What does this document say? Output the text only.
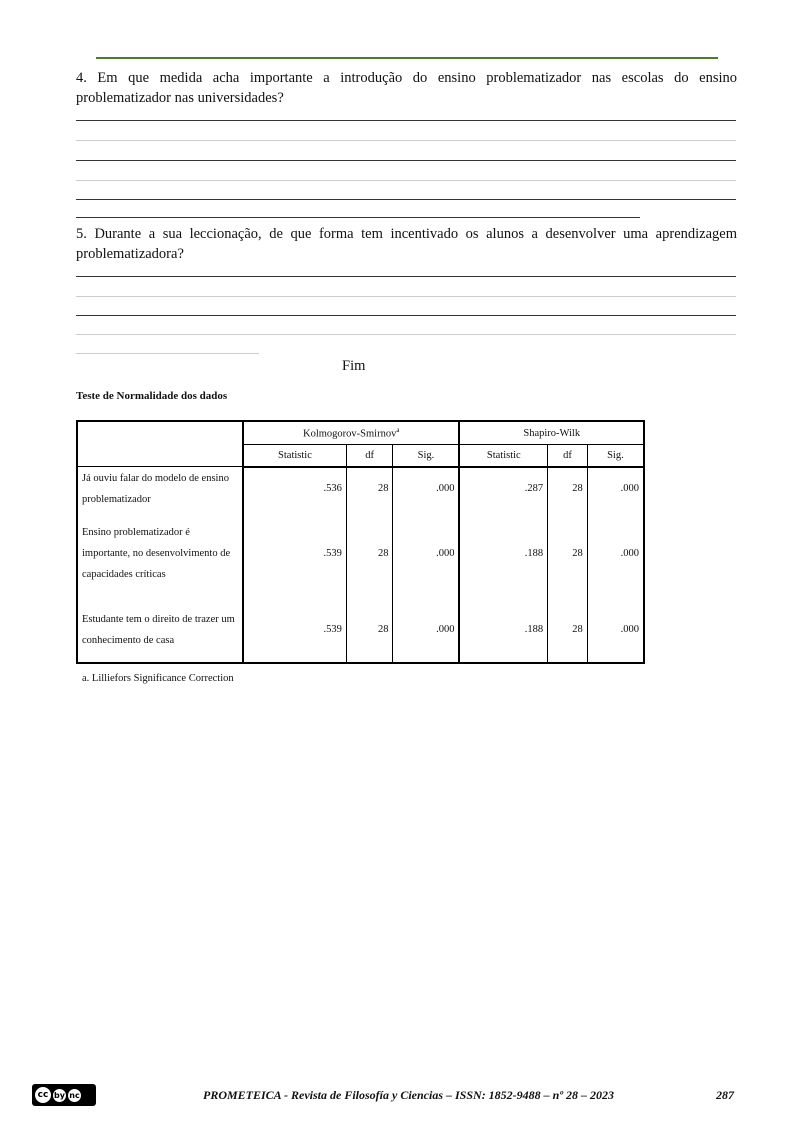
4. Em que medida acha importante a introdução do ensino problematizador nas escolas do ensino problematizador nas universidades?
5. Durante a sua leccionação, de que forma tem incentivado os alunos a desenvolver uma aprendizagem problematizadora?
Fim
Teste de Normalidade dos dados
	Kolmogorov-Smirnov$^a$			Shapiro-Wilk		
	Statistic	df	Sig.	Statistic	df	Sig.
Já ouviu falar do modelo de ensino problematizador	.536	28	.000	.287	28	.000
Ensino problematizador é importante, no desenvolvimento de capacidades críticas	.539	28	.000	.188	28	.000
Estudante tem o direito de trazer um conhecimento de casa	.539	28	.000	.188	28	.000
a. Lilliefors Significance Correction
cc by nc	PROMETEICA - Revista de Filosofía y Ciencias – ISSN: 1852-9488 – nº 28 – 2023	287
